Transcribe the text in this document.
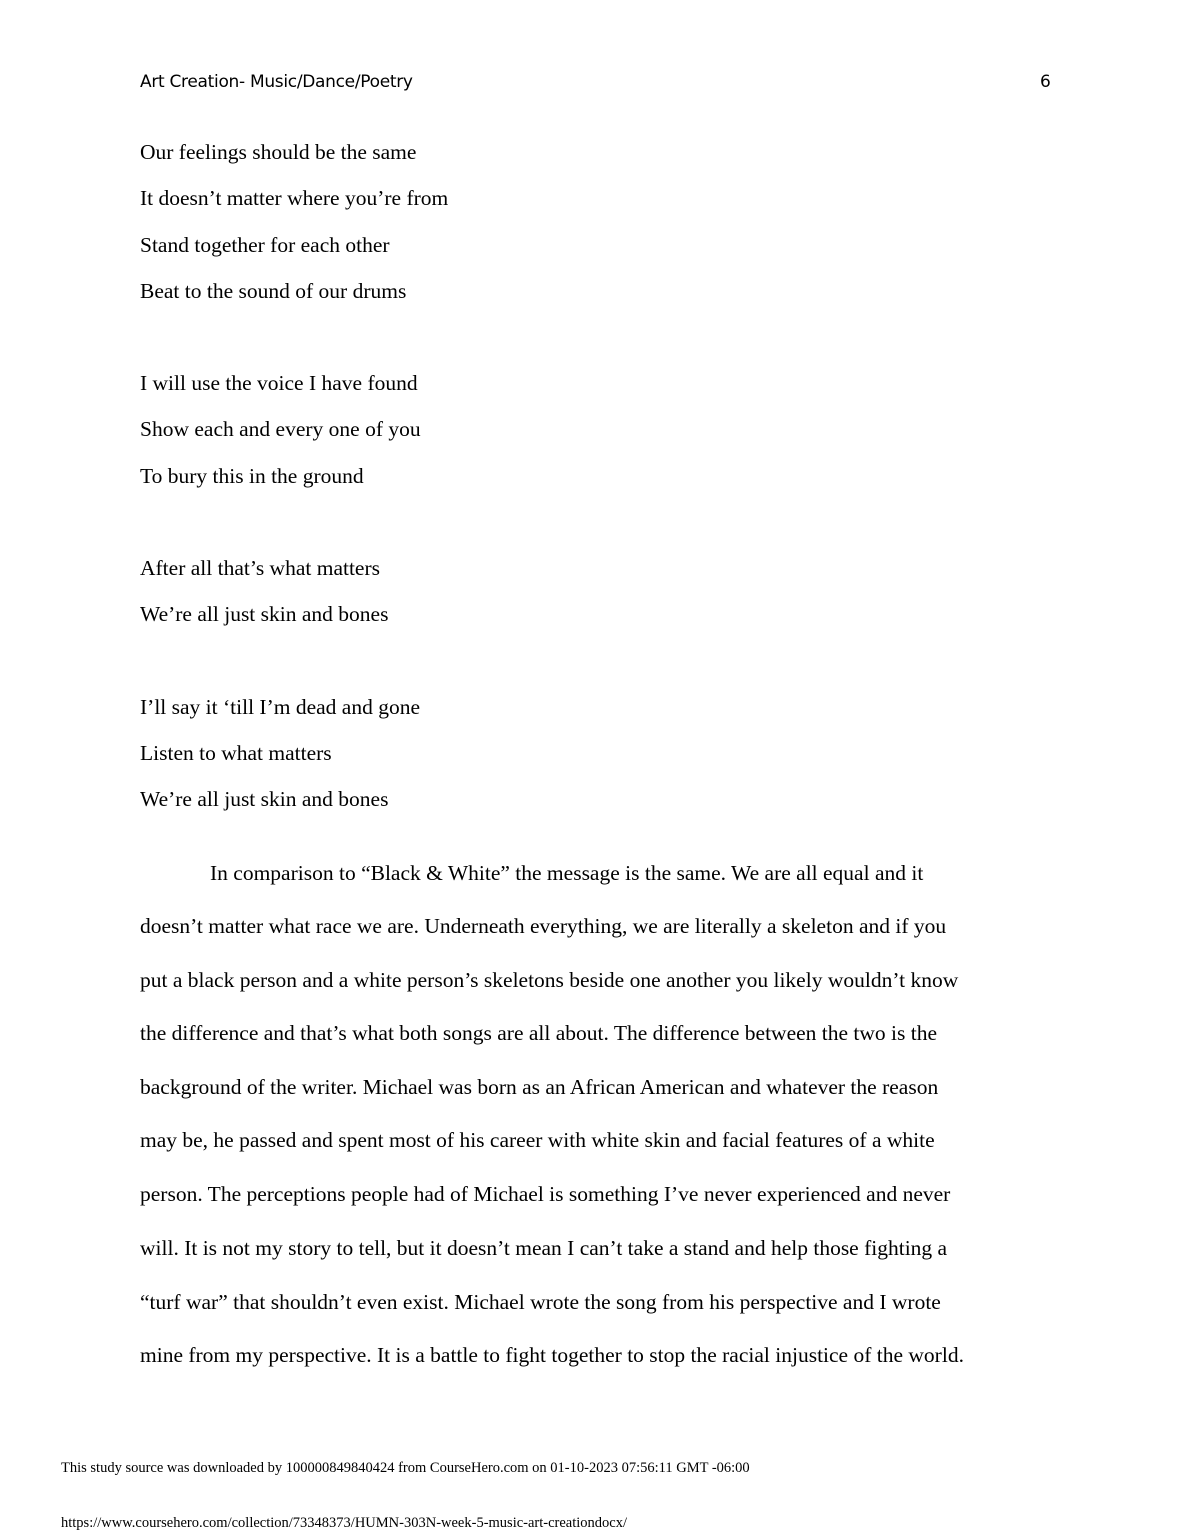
Art Creation- Music/Dance/Poetry	6
Our feelings should be the same
It doesn’t matter where you’re from
Stand together for each other
Beat to the sound of our drums
I will use the voice I have found
Show each and every one of you
To bury this in the ground
After all that’s what matters
We’re all just skin and bones
I’ll say it ‘till I’m dead and gone
Listen to what matters
We’re all just skin and bones
In comparison to “Black & White” the message is the same. We are all equal and it
doesn’t matter what race we are. Underneath everything, we are literally a skeleton and if you
put a black person and a white person’s skeletons beside one another you likely wouldn’t know
the difference and that’s what both songs are all about. The difference between the two is the
background of the writer. Michael was born as an African American and whatever the reason
may be, he passed and spent most of his career with white skin and facial features of a white
person. The perceptions people had of Michael is something I’ve never experienced and never
will. It is not my story to tell, but it doesn’t mean I can’t take a stand and help those fighting a
“turf war” that shouldn’t even exist. Michael wrote the song from his perspective and I wrote
mine from my perspective. It is a battle to fight together to stop the racial injustice of the world.
This study source was downloaded by 100000849840424 from CourseHero.com on 01-10-2023 07:56:11 GMT -06:00
https://www.coursehero.com/collection/73348373/HUMN-303N-week-5-music-art-creationdocx/
